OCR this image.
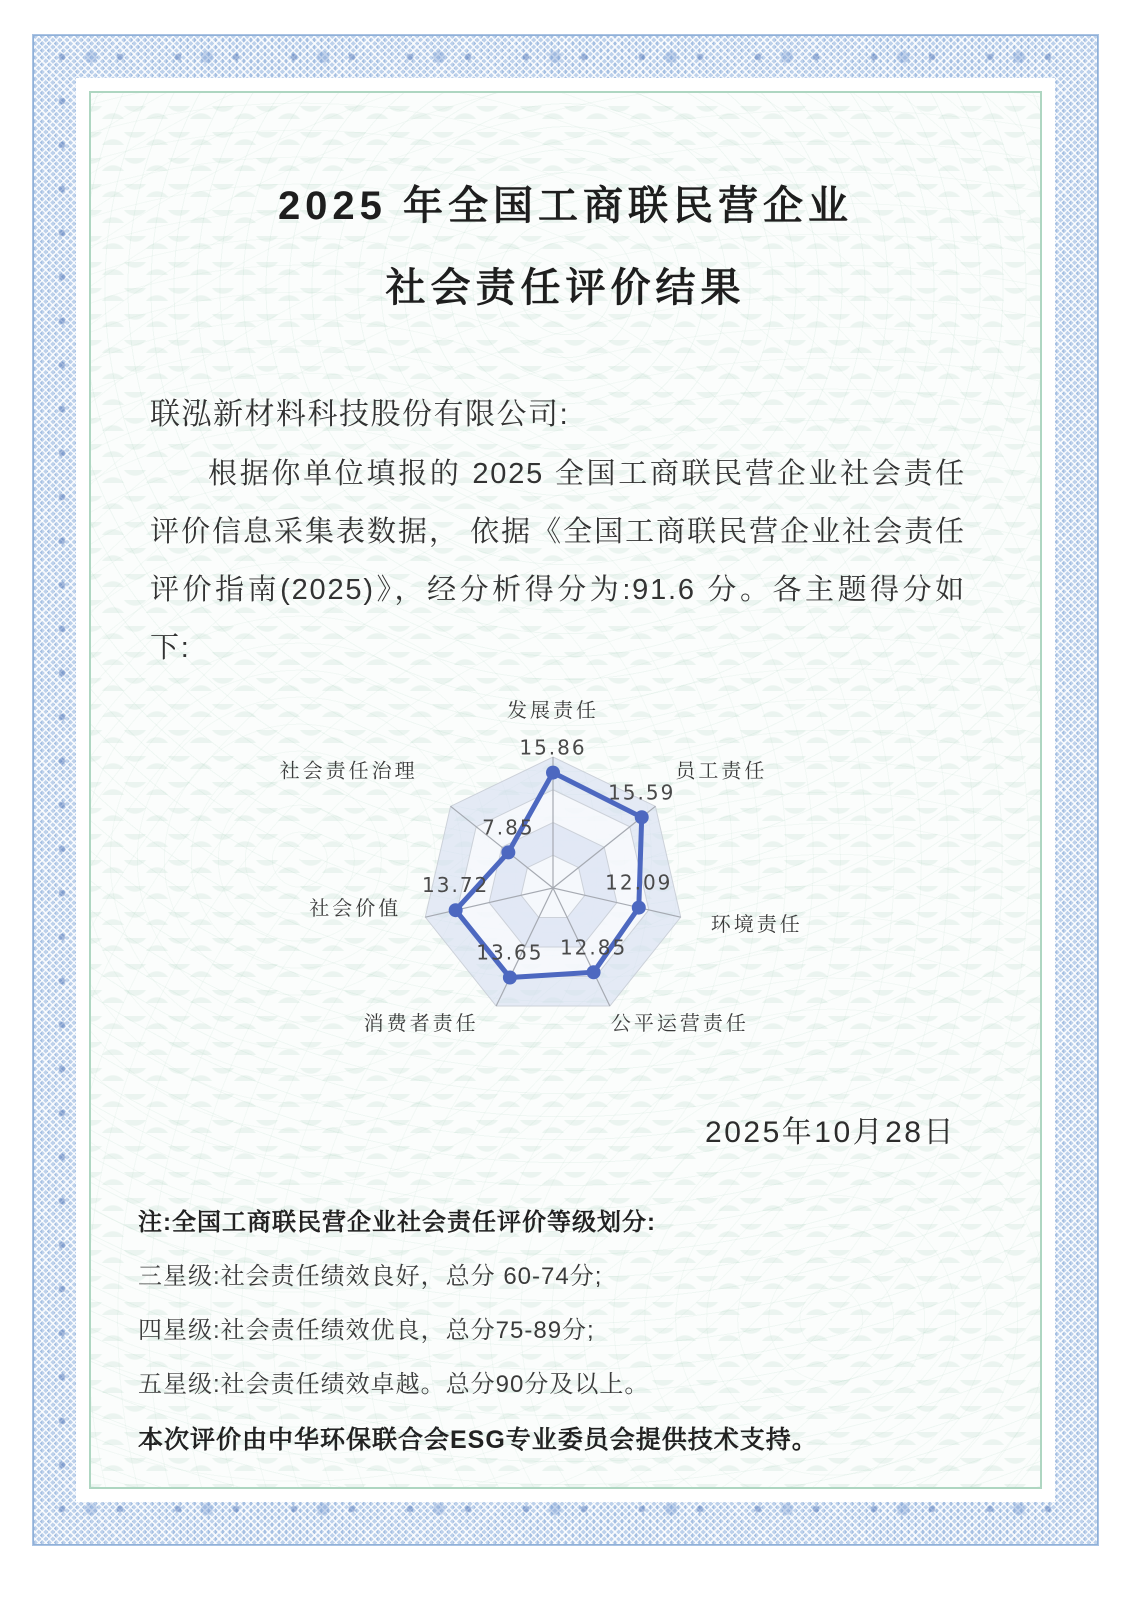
2025 年全国工商联民营企业
社会责任评价结果
联泓新材料科技股份有限公司:
根据你单位填报的 2025 全国工商联民营企业社会责任评价信息采集表数据， 依据《全国工商联民营企业社会责任评价指南(2025)》，经分析得分为:91.6 分。各主题得分如下:
15.86
15.59
12.09
12.85
13.65
13.72
7.85
发展责任
员工责任
环境责任
公平运营责任
消费者责任
社会价值
社会责任治理
2025年10月28日
注:全国工商联民营企业社会责任评价等级划分:
三星级:社会责任绩效良好，总分 60-74分;
四星级:社会责任绩效优良，总分75-89分;
五星级:社会责任绩效卓越。总分90分及以上。
本次评价由中华环保联合会ESG专业委员会提供技术支持。
